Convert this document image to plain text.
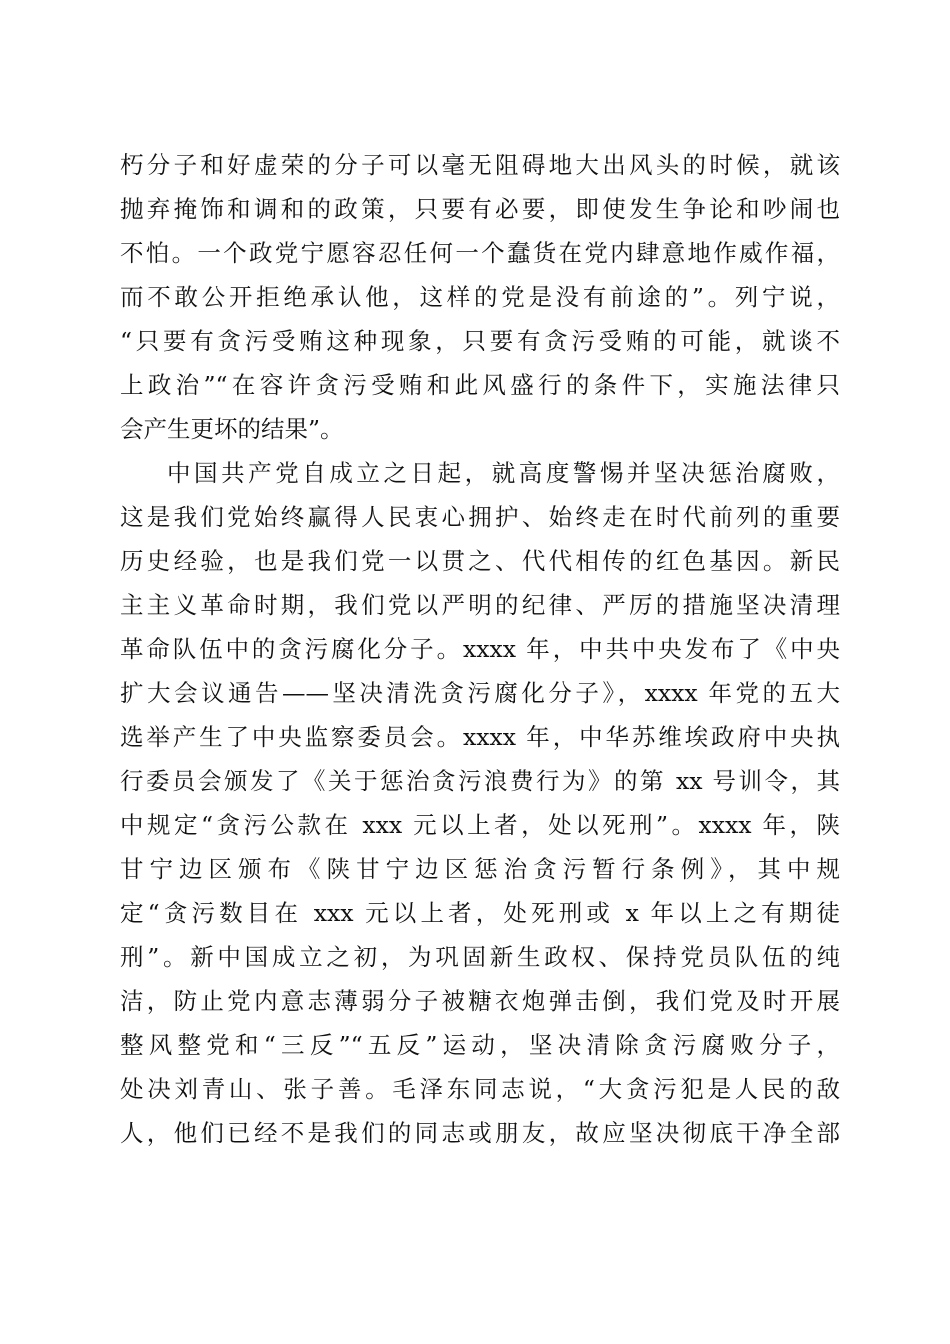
朽分子和好虚荣的分子可以毫无阻碍地大出风头的时候，就该
抛弃掩饰和调和的政策，只要有必要，即使发生争论和吵闹也
不怕。一个政党宁愿容忍任何一个蠢货在党内肆意地作威作福，
而不敢公开拒绝承认他，这样的党是没有前途的”。列宁说，
“只要有贪污受贿这种现象，只要有贪污受贿的可能，就谈不
上政治”“在容许贪污受贿和此风盛行的条件下，实施法律只
会产生更坏的结果”。
中国共产党自成立之日起，就高度警惕并坚决惩治腐败，
这是我们党始终赢得人民衷心拥护、始终走在时代前列的重要
历史经验，也是我们党一以贯之、代代相传的红色基因。新民
主主义革命时期，我们党以严明的纪律、严厉的措施坚决清理
革命队伍中的贪污腐化分子。xxxx 年，中共中央发布了《中央
扩大会议通告——坚决清洗贪污腐化分子》，xxxx 年党的五大
选举产生了中央监察委员会。xxxx 年，中华苏维埃政府中央执
行委员会颁发了《关于惩治贪污浪费行为》的第 xx 号训令，其
中规定“贪污公款在 xxx 元以上者，处以死刑”。xxxx 年，陕
甘宁边区颁布《陕甘宁边区惩治贪污暂行条例》，其中规
定“贪污数目在 xxx 元以上者，处死刑或 x 年以上之有期徒
刑”。新中国成立之初，为巩固新生政权、保持党员队伍的纯
洁，防止党内意志薄弱分子被糖衣炮弹击倒，我们党及时开展
整风整党和“三反”“五反”运动，坚决清除贪污腐败分子，
处决刘青山、张子善。毛泽东同志说，“大贪污犯是人民的敌
人，他们已经不是我们的同志或朋友，故应坚决彻底干净全部
